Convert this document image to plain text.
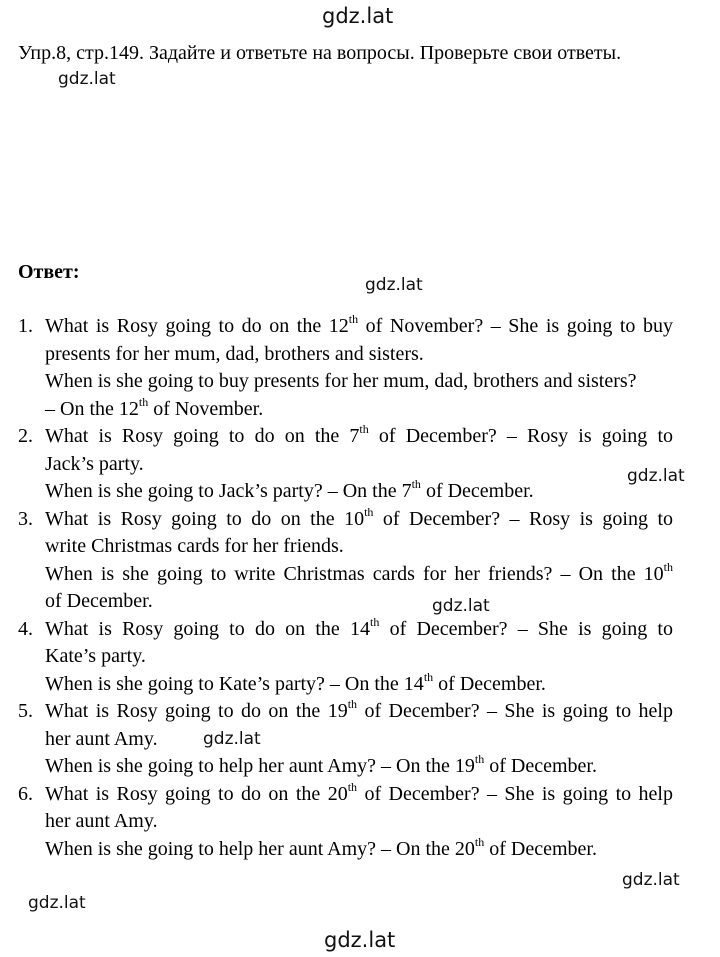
gdz.lat
gdz.lat
gdz.lat
gdz.lat
gdz.lat
gdz.lat
gdz.lat
gdz.lat
gdz.lat
Упр.8, стр.149. Задайте и ответьте на вопросы. Проверьте свои ответы.
Ответ:
1. What is Rosy going to do on the 12th of November? – She is going to buy
presents for her mum, dad, brothers and sisters.
When is she going to buy presents for her mum, dad, brothers and sisters?
– On the 12th of November.
2. What is Rosy going to do on the 7th of December? – Rosy is going to
Jack’s party.
When is she going to Jack’s party? – On the 7th of December.
3. What is Rosy going to do on the 10th of December? – Rosy is going to
write Christmas cards for her friends.
When is she going to write Christmas cards for her friends? – On the 10th
of December.
4. What is Rosy going to do on the 14th of December? – She is going to
Kate’s party.
When is she going to Kate’s party? – On the 14th of December.
5. What is Rosy going to do on the 19th of December? – She is going to help
her aunt Amy.
When is she going to help her aunt Amy? – On the 19th of December.
6. What is Rosy going to do on the 20th of December? – She is going to help
her aunt Amy.
When is she going to help her aunt Amy? – On the 20th of December.
